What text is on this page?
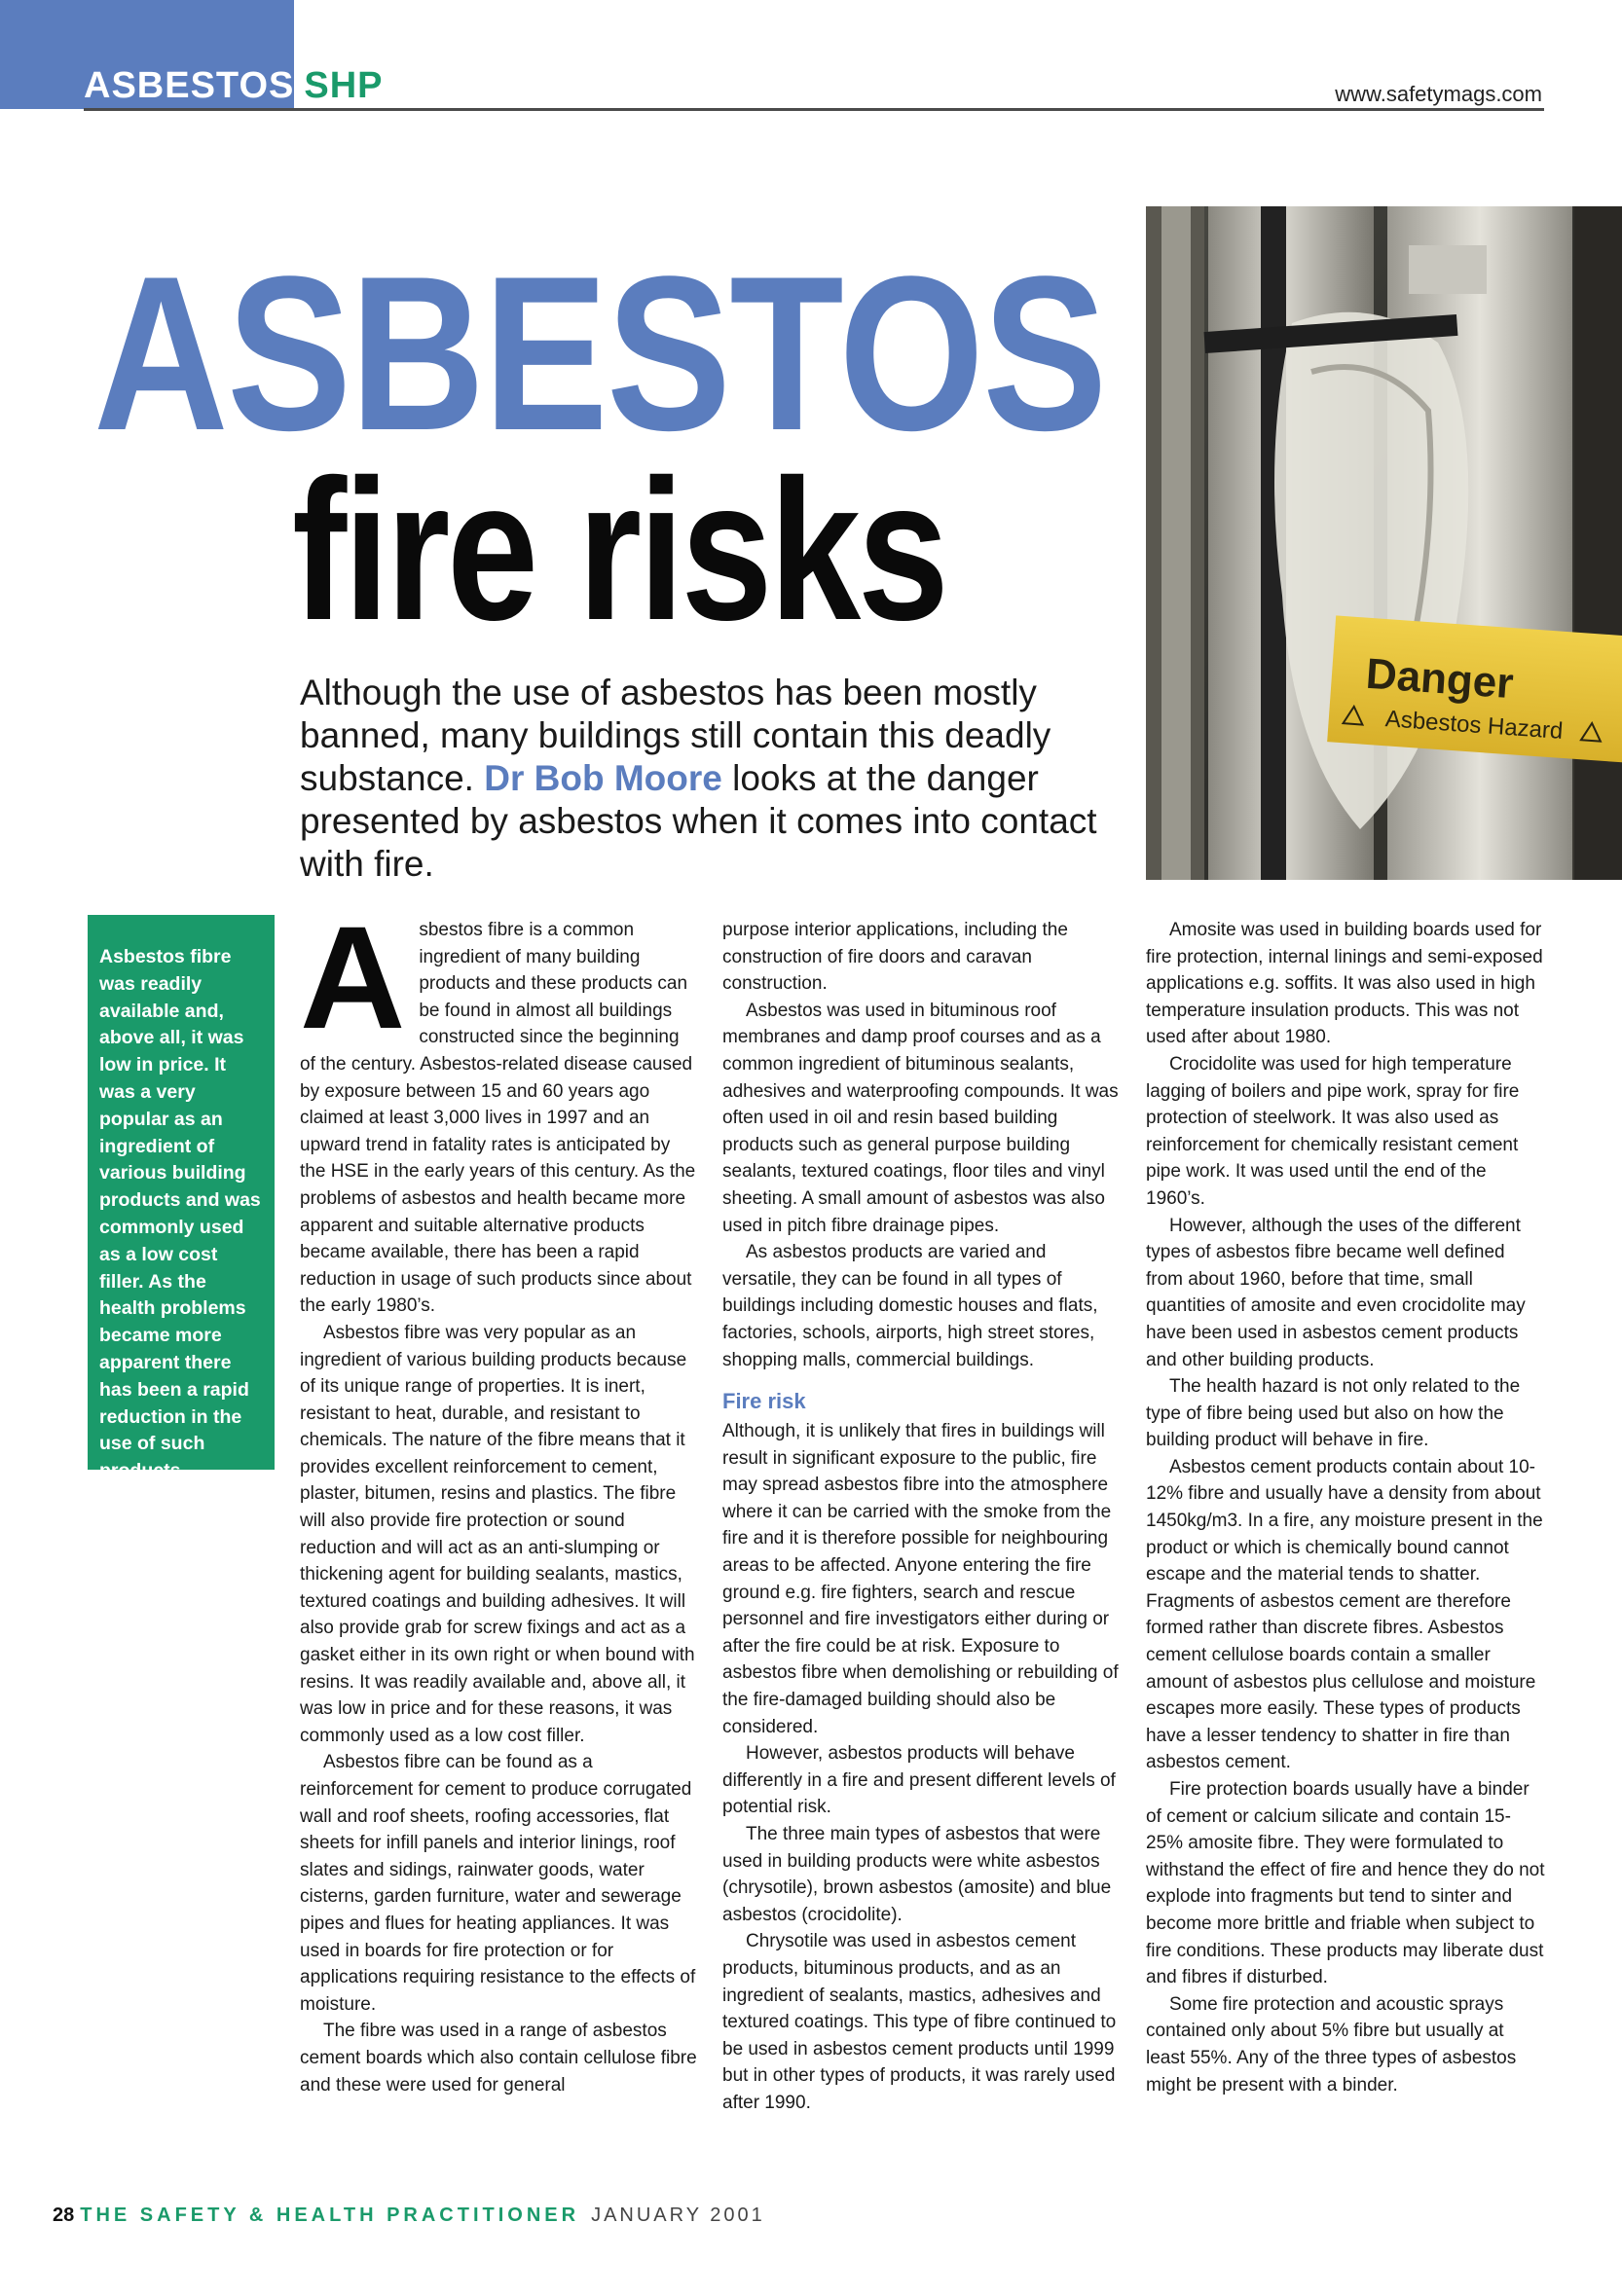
ASBESTOS SHP	www.safetymags.com
ASBESTOS
fire risks
Danger
Asbestos Hazard
Although the use of asbestos has been mostly banned, many buildings still contain this deadly substance. Dr Bob Moore looks at the danger presented by asbestos when it comes into contact with fire.
Asbestos fibre was readily available and, above all, it was low in price. It was a very popular as an ingredient of various building products and was commonly used as a low cost filler. As the health problems became more apparent there has been a rapid reduction in the use of such products.
A sbestos fibre is a common ingredient of many building products and these products can be found in almost all buildings constructed since the beginning of the century. Asbestos-related disease caused by exposure between 15 and 60 years ago claimed at least 3,000 lives in 1997 and an upward trend in fatality rates is anticipated by the HSE in the early years of this century. As the problems of asbestos and health became more apparent and suitable alternative products became available, there has been a rapid reduction in usage of such products since about the early 1980’s.

Asbestos fibre was very popular as an ingredient of various building products because of its unique range of properties. It is inert, resistant to heat, durable, and resistant to chemicals. The nature of the fibre means that it provides excellent reinforcement to cement, plaster, bitumen, resins and plastics. The fibre will also provide fire protection or sound reduction and will act as an anti-slumping or thickening agent for building sealants, mastics, textured coatings and building adhesives. It will also provide grab for screw fixings and act as a gasket either in its own right or when bound with resins. It was readily available and, above all, it was low in price and for these reasons, it was commonly used as a low cost filler.

Asbestos fibre can be found as a reinforcement for cement to produce corrugated wall and roof sheets, roofing accessories, flat sheets for infill panels and interior linings, roof slates and sidings, rainwater goods, water cisterns, garden furniture, water and sewerage pipes and flues for heating appliances. It was used in boards for fire protection or for applications requiring resistance to the effects of moisture.

The fibre was used in a range of asbestos cement boards which also contain cellulose fibre and these were used for general

purpose interior applications, including the construction of fire doors and caravan construction.

Asbestos was used in bituminous roof membranes and damp proof courses and as a common ingredient of bituminous sealants, adhesives and waterproofing compounds. It was often used in oil and resin based building products such as general purpose building sealants, textured coatings, floor tiles and vinyl sheeting. A small amount of asbestos was also used in pitch fibre drainage pipes.

As asbestos products are varied and versatile, they can be found in all types of buildings including domestic houses and flats, factories, schools, airports, high street stores, shopping malls, commercial buildings.

Fire risk

Although, it is unlikely that fires in buildings will result in significant exposure to the public, fire may spread asbestos fibre into the atmosphere where it can be carried with the smoke from the fire and it is therefore possible for neighbouring areas to be affected. Anyone entering the fire ground e.g. fire fighters, search and rescue personnel and fire investigators either during or after the fire could be at risk. Exposure to asbestos fibre when demolishing or rebuilding of the fire-damaged building should also be considered.

However, asbestos products will behave differently in a fire and present different levels of potential risk.

The three main types of asbestos that were used in building products were white asbestos (chrysotile), brown asbestos (amosite) and blue asbestos (crocidolite).

Chrysotile was used in asbestos cement products, bituminous products, and as an ingredient of sealants, mastics, adhesives and textured coatings. This type of fibre continued to be used in asbestos cement products until 1999 but in other types of products, it was rarely used after 1990.

Amosite was used in building boards used for fire protection, internal linings and semi-exposed applications e.g. soffits. It was also used in high temperature insulation products. This was not used after about 1980.

Crocidolite was used for high temperature lagging of boilers and pipe work, spray for fire protection of steelwork. It was also used as reinforcement for chemically resistant cement pipe work. It was used until the end of the 1960’s.

However, although the uses of the different types of asbestos fibre became well defined from about 1960, before that time, small quantities of amosite and even crocidolite may have been used in asbestos cement products and other building products.

The health hazard is not only related to the type of fibre being used but also on how the building product will behave in fire.

Asbestos cement products contain about 10-12% fibre and usually have a density from about 1450kg/m3. In a fire, any moisture present in the product or which is chemically bound cannot escape and the material tends to shatter. Fragments of asbestos cement are therefore formed rather than discrete fibres. Asbestos cement cellulose boards contain a smaller amount of asbestos plus cellulose and moisture escapes more easily. These types of products have a lesser tendency to shatter in fire than asbestos cement.

Fire protection boards usually have a binder of cement or calcium silicate and contain 15-25% amosite fibre. They were formulated to withstand the effect of fire and hence they do not explode into fragments but tend to sinter and become more brittle and friable when subject to fire conditions. These products may liberate dust and fibres if disturbed.

Some fire protection and acoustic sprays contained only about 5% fibre but usually at least 55%. Any of the three types of asbestos might be present with a binder.

28 THE SAFETY & HEALTH PRACTITIONER JANUARY 2001
